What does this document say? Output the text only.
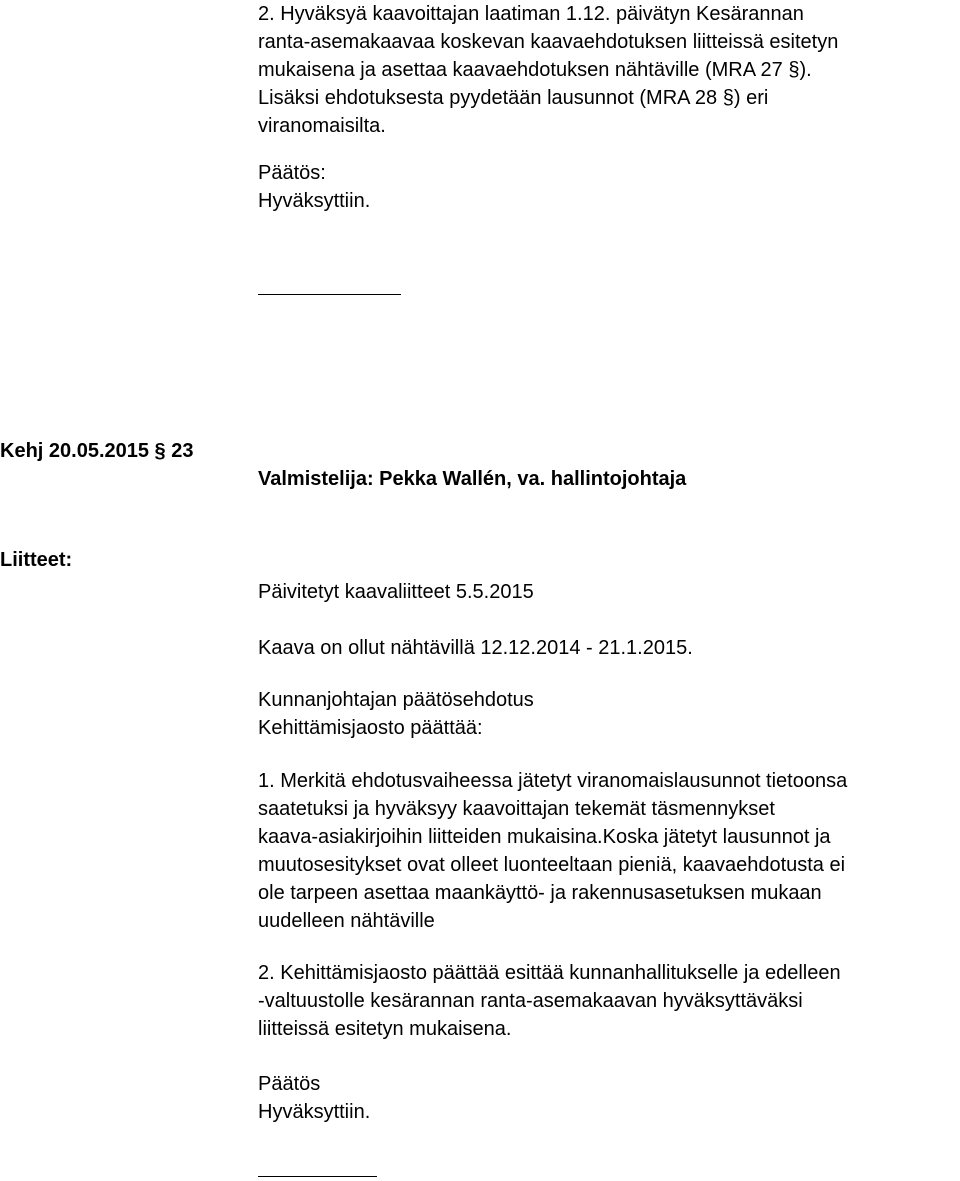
2. Hyväksyä kaavoittajan laatiman 1.12. päivätyn Kesärannan
ranta-asemakaavaa koskevan kaavaehdotuksen liitteissä esitetyn
mukaisena ja asettaa kaavaehdotuksen nähtäville (MRA 27 §).
Lisäksi ehdotuksesta pyydetään lausunnot (MRA 28 §) eri
viranomaisilta.
Päätös:
Hyväksyttiin.
Kehj 20.05.2015 § 23
Valmistelija: Pekka Wallén, va. hallintojohtaja
Liitteet:
Päivitetyt kaavaliitteet 5.5.2015
Kaava on ollut nähtävillä 12.12.2014 - 21.1.2015.
Kunnanjohtajan päätösehdotus
Kehittämisjaosto päättää:
1. Merkitä ehdotusvaiheessa jätetyt viranomaislausunnot tietoonsa
saatetuksi ja hyväksyy kaavoittajan tekemät täsmennykset
kaava-asiakirjoihin liitteiden mukaisina.Koska jätetyt lausunnot ja
muutosesitykset ovat olleet luonteeltaan pieniä, kaavaehdotusta ei
ole tarpeen asettaa maankäyttö- ja rakennusasetuksen mukaan
uudelleen nähtäville
2. Kehittämisjaosto päättää esittää kunnanhallitukselle ja edelleen
-valtuustolle kesärannan ranta-asemakaavan hyväksyttäväksi
liitteissä esitetyn mukaisena.
Päätös
Hyväksyttiin.
